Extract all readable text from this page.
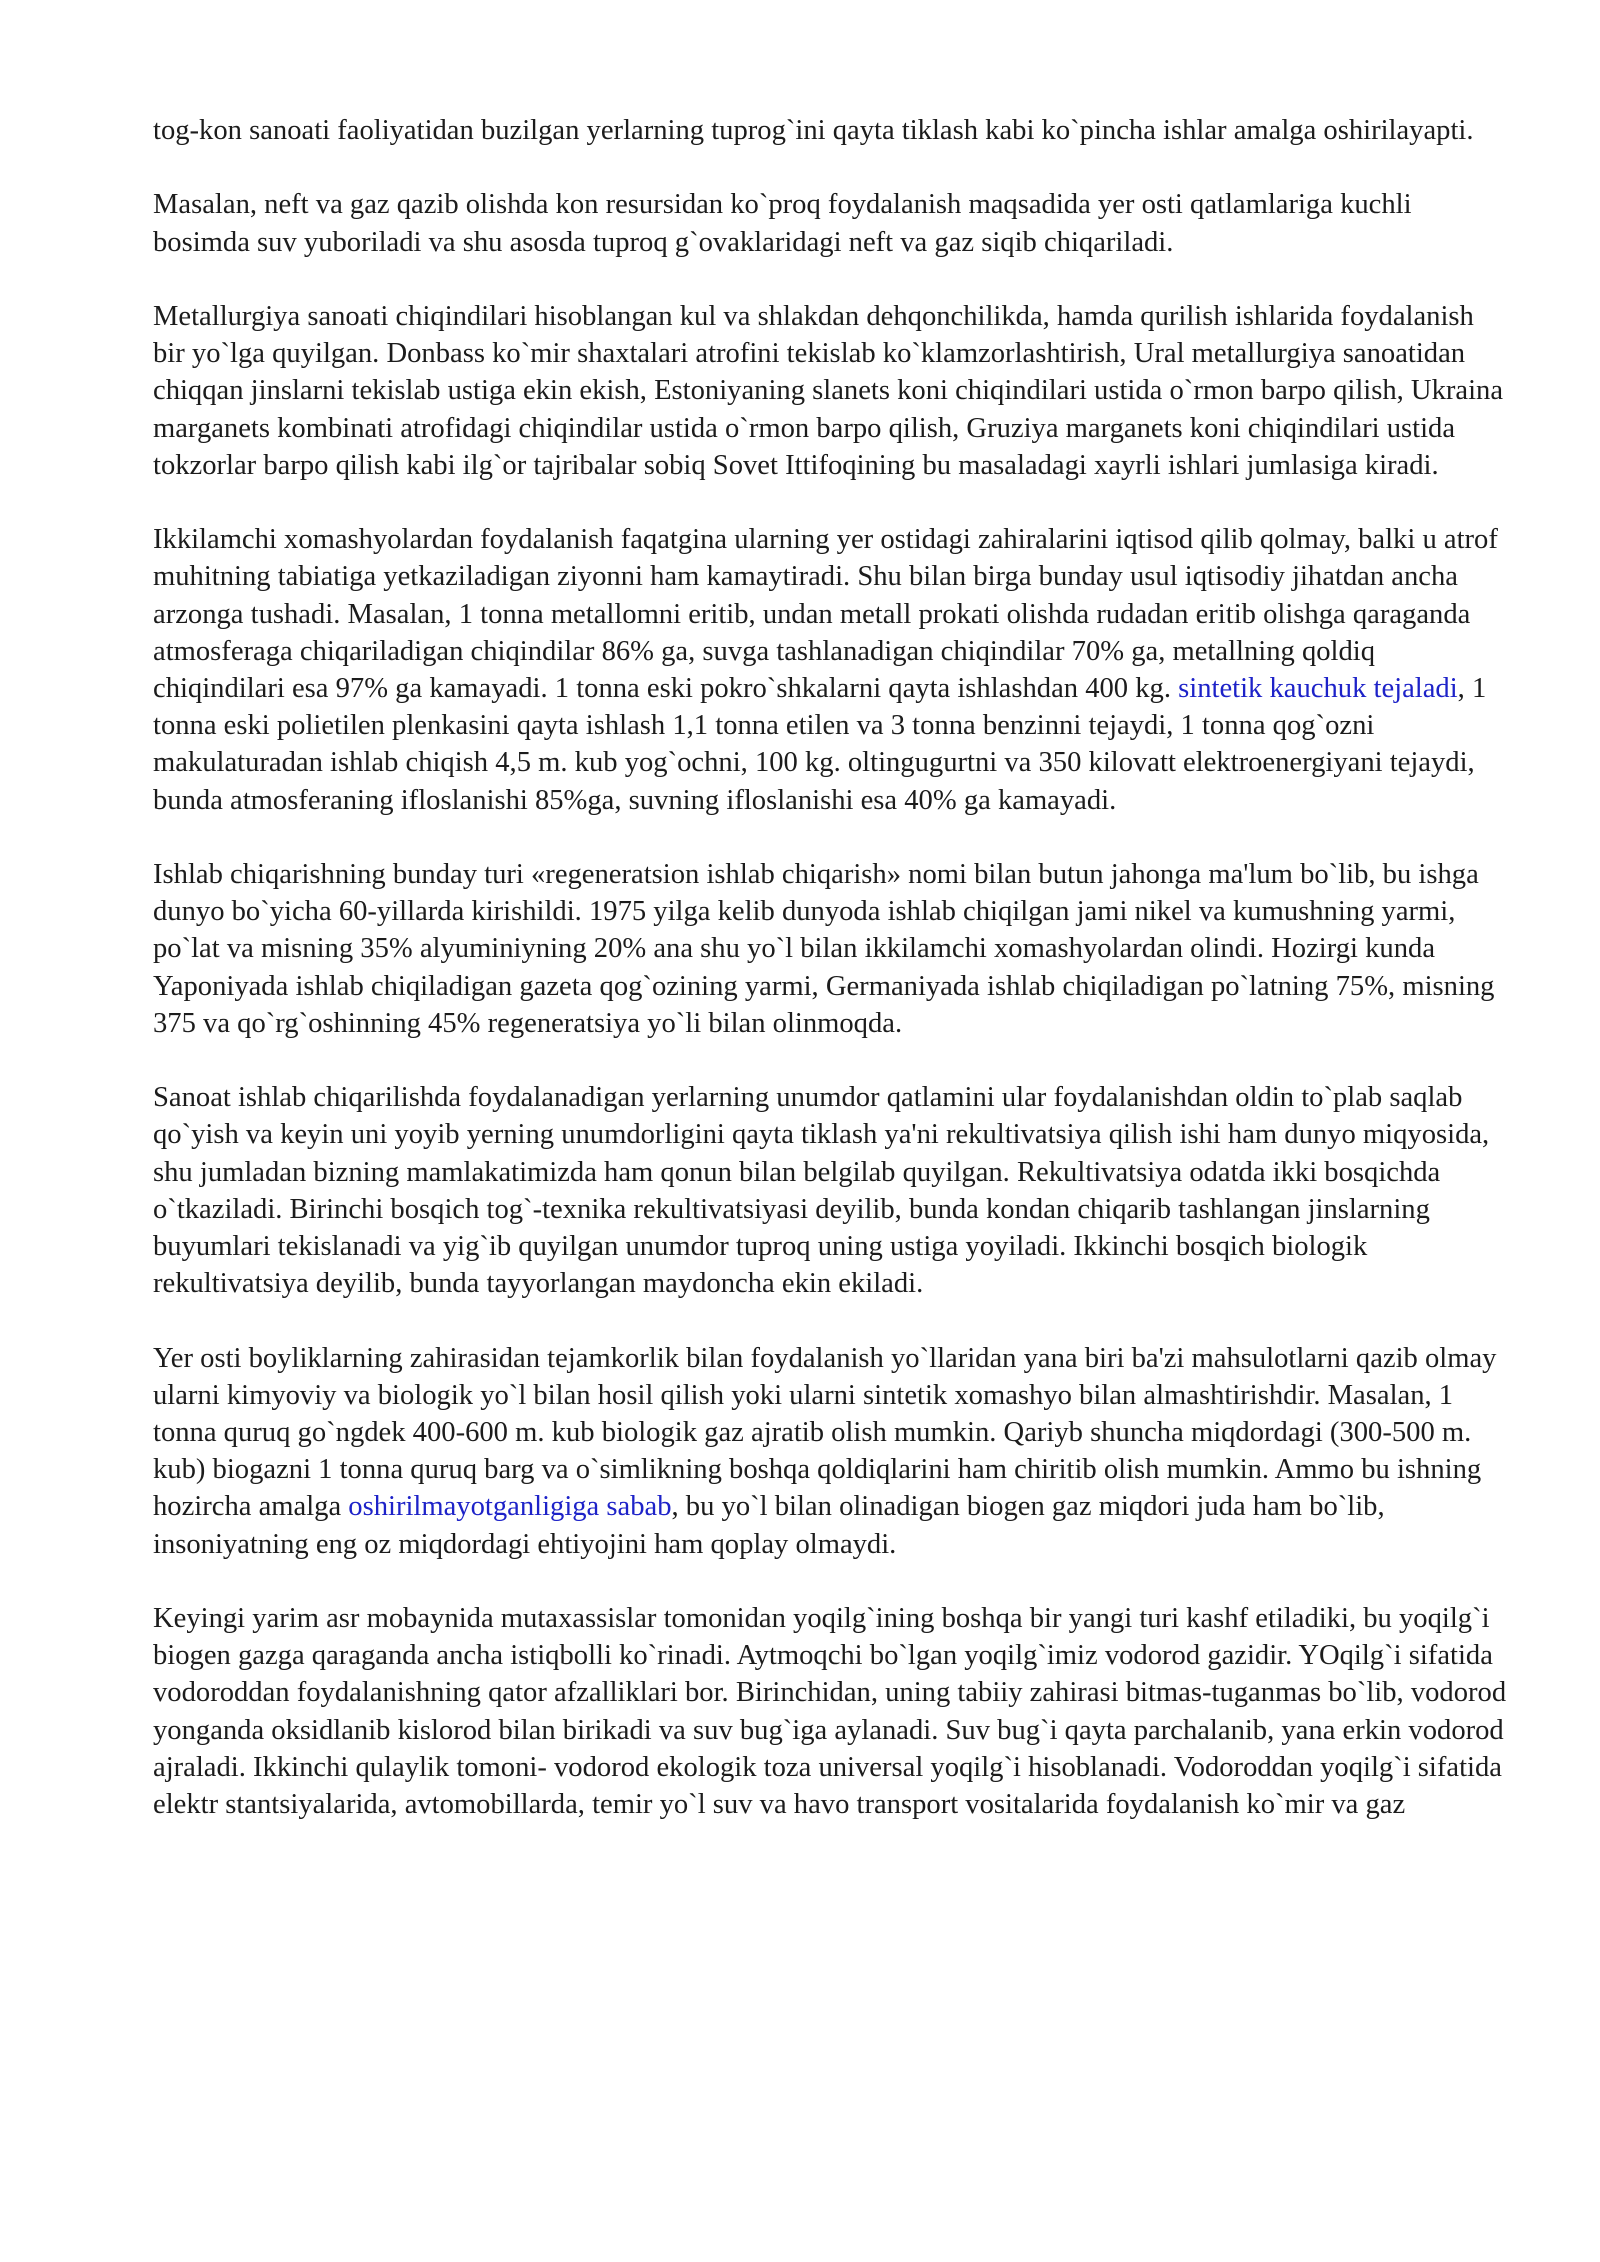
tog-kon sanoati faoliyatidan buzilgan yerlarning tuprog`ini qayta tiklash kabi ko`pincha ishlar amalga oshirilayapti.

Masalan, neft va gaz qazib olishda kon resursidan ko`proq foydalanish maqsadida yer osti qatlamlariga kuchli bosimda suv yuboriladi va shu asosda tuproq g`ovaklaridagi neft va gaz siqib chiqariladi.

Metallurgiya sanoati chiqindilari hisoblangan kul va shlakdan dehqonchilikda, hamda qurilish ishlarida foydalanish bir yo`lga quyilgan. Donbass ko`mir shaxtalari atrofini tekislab ko`klamzorlashtirish, Ural metallurgiya sanoatidan chiqqan jinslarni tekislab ustiga ekin ekish, Estoniyaning slanets koni chiqindilari ustida o`rmon barpo qilish, Ukraina marganets kombinati atrofidagi chiqindilar ustida o`rmon barpo qilish, Gruziya marganets koni chiqindilari ustida tokzorlar barpo qilish kabi ilg`or tajribalar sobiq Sovet Ittifoqining bu masaladagi xayrli ishlari jumlasiga kiradi.

Ikkilamchi xomashyolardan foydalanish faqatgina ularning yer ostidagi zahiralarini iqtisod qilib qolmay, balki u atrof muhitning tabiatiga yetkaziladigan ziyonni ham kamaytiradi. Shu bilan birga bunday usul iqtisodiy jihatdan ancha arzonga tushadi. Masalan, 1 tonna metallomni eritib, undan metall prokati olishda rudadan eritib olishga qaraganda atmosferaga chiqariladigan chiqindilar 86% ga, suvga tashlanadigan chiqindilar 70% ga, metallning qoldiq chiqindilari esa 97% ga kamayadi. 1 tonna eski pokro`shkalarni qayta ishlashdan 400 kg. sintetik kauchuk tejaladi, 1 tonna eski polietilen plenkasini qayta ishlash 1,1 tonna etilen va 3 tonna benzinni tejaydi, 1 tonna qog`ozni makulaturadan ishlab chiqish 4,5 m. kub yog`ochni, 100 kg. oltingugurtni va 350 kilovatt elektroenergiyani tejaydi, bunda atmosferaning ifloslanishi 85%ga, suvning ifloslanishi esa 40% ga kamayadi.

Ishlab chiqarishning bunday turi «regeneratsion ishlab chiqarish» nomi bilan butun jahonga ma'lum bo`lib, bu ishga dunyo bo`yicha 60-yillarda kirishildi. 1975 yilga kelib dunyoda ishlab chiqilgan jami nikel va kumushning yarmi, po`lat va misning 35% alyuminiyning 20% ana shu yo`l bilan ikkilamchi xomashyolardan olindi. Hozirgi kunda Yaponiyada ishlab chiqiladigan gazeta qog`ozining yarmi, Germaniyada ishlab chiqiladigan po`latning 75%, misning 375 va qo`rg`oshinning 45% regeneratsiya yo`li bilan olinmoqda.

Sanoat ishlab chiqarilishda foydalanadigan yerlarning unumdor qatlamini ular foydalanishdan oldin to`plab saqlab qo`yish va keyin uni yoyib yerning unumdorligini qayta tiklash ya'ni rekultivatsiya qilish ishi ham dunyo miqyosida, shu jumladan bizning mamlakatimizda ham qonun bilan belgilab quyilgan. Rekultivatsiya odatda ikki bosqichda o`tkaziladi. Birinchi bosqich tog`-texnika rekultivatsiyasi deyilib, bunda kondan chiqarib tashlangan jinslarning buyumlari tekislanadi va yig`ib quyilgan unumdor tuproq uning ustiga yoyiladi. Ikkinchi bosqich biologik rekultivatsiya deyilib, bunda tayyorlangan maydoncha ekin ekiladi.

Yer osti boyliklarning zahirasidan tejamkorlik bilan foydalanish yo`llaridan yana biri ba'zi mahsulotlarni qazib olmay ularni kimyoviy va biologik yo`l bilan hosil qilish yoki ularni sintetik xomashyo bilan almashtirishdir. Masalan, 1 tonna quruq go`ngdek 400-600 m. kub biologik gaz ajratib olish mumkin. Qariyb shuncha miqdordagi (300-500 m. kub) biogazni 1 tonna quruq barg va o`simlikning boshqa qoldiqlarini ham chiritib olish mumkin. Ammo bu ishning hozircha amalga oshirilmayotganligiga sabab, bu yo`l bilan olinadigan biogen gaz miqdori juda ham bo`lib, insoniyatning eng oz miqdordagi ehtiyojini ham qoplay olmaydi.

Keyingi yarim asr mobaynida mutaxassislar tomonidan yoqilg`ining boshqa bir yangi turi kashf etiladiki, bu yoqilg`i biogen gazga qaraganda ancha istiqbolli ko`rinadi. Aytmoqchi bo`lgan yoqilg`imiz vodorod gazidir. YOqilg`i sifatida vodoroddan foydalanishning qator afzalliklari bor. Birinchidan, uning tabiiy zahirasi bitmas-tuganmas bo`lib, vodorod yonganda oksidlanib kislorod bilan birikadi va suv bug`iga aylanadi. Suv bug`i qayta parchalanib, yana erkin vodorod ajraladi. Ikkinchi qulaylik tomoni- vodorod ekologik toza universal yoqilg`i hisoblanadi. Vodoroddan yoqilg`i sifatida elektr stantsiyalarida, avtomobillarda, temir yo`l suv va havo transport vositalarida foydalanish ko`mir va gaz
